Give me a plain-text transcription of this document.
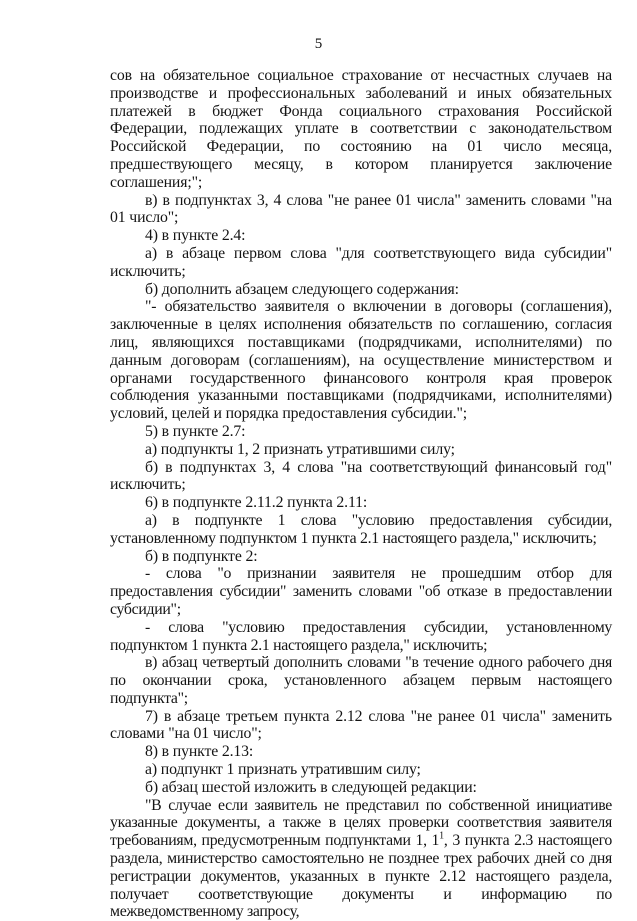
5

сов на обязательное социальное страхование от несчастных случаев на производстве и профессиональных заболеваний и иных обязательных платежей в бюджет Фонда социального страхования Российской Федерации, подлежащих уплате в соответствии с законодательством Российской Федерации, по состоянию на 01 число месяца, предшествующего месяцу, в котором планируется заключение соглашения;";

в) в подпунктах 3, 4 слова "не ранее 01 числа" заменить словами "на 01 число";

4) в пункте 2.4:

а) в абзаце первом слова "для соответствующего вида субсидии" исключить;

б) дополнить абзацем следующего содержания:

"- обязательство заявителя о включении в договоры (соглашения), заключенные в целях исполнения обязательств по соглашению, согласия лиц, являющихся поставщиками (подрядчиками, исполнителями) по данным договорам (соглашениям), на осуществление министерством и органами государственного финансового контроля края проверок соблюдения указанными поставщиками (подрядчиками, исполнителями) условий, целей и порядка предоставления субсидии.";

5) в пункте 2.7:

а) подпункты 1, 2 признать утратившими силу;

б) в подпунктах 3, 4 слова "на соответствующий финансовый год" исключить;

6) в подпункте 2.11.2 пункта 2.11:

а) в подпункте 1 слова "условию предоставления субсидии, установленному подпунктом 1 пункта 2.1 настоящего раздела," исключить;

б) в подпункте 2:

- слова "о признании заявителя не прошедшим отбор для предоставления субсидии" заменить словами "об отказе в предоставлении субсидии";

- слова "условию предоставления субсидии, установленному подпунктом 1 пункта 2.1 настоящего раздела," исключить;

в) абзац четвертый дополнить словами "в течение одного рабочего дня по окончании срока, установленного абзацем первым настоящего подпункта";

7) в абзаце третьем пункта 2.12 слова "не ранее 01 числа" заменить словами "на 01 число";

8) в пункте 2.13:

а) подпункт 1 признать утратившим силу;

б) абзац шестой изложить в следующей редакции:

"В случае если заявитель не представил по собственной инициативе указанные документы, а также в целях проверки соответствия заявителя требованиям, предусмотренным подпунктами 1, $1^1$, 3 пункта 2.3 настоящего раздела, министерство самостоятельно не позднее трех рабочих дней со дня регистрации документов, указанных в пункте 2.12 настоящего раздела, получает соответствующие документы и информацию по межведомственному запросу,
